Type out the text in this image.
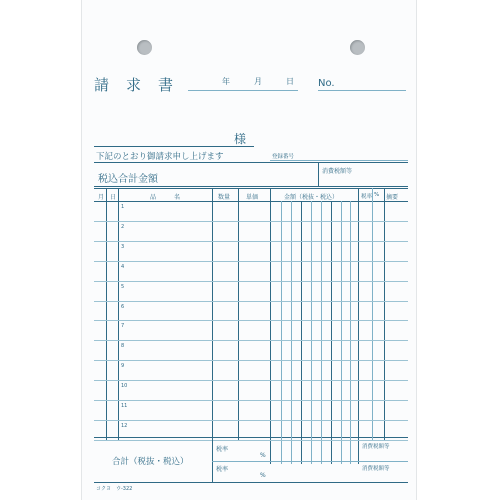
請　求　書	年	月	日 No.
様
下記のとおり御請求申し上げます	登録番号
税込合計金額
消費税額等
月 日	品　　　名	数量	単価	金額（税抜・税込）	税率 % 摘要
1
2
3
4
5
6
7
8
9
10
11
12
合計（税抜・税込）
税率
%
税率
%
消費税額等
消費税額等
コクヨ　ウ-322
